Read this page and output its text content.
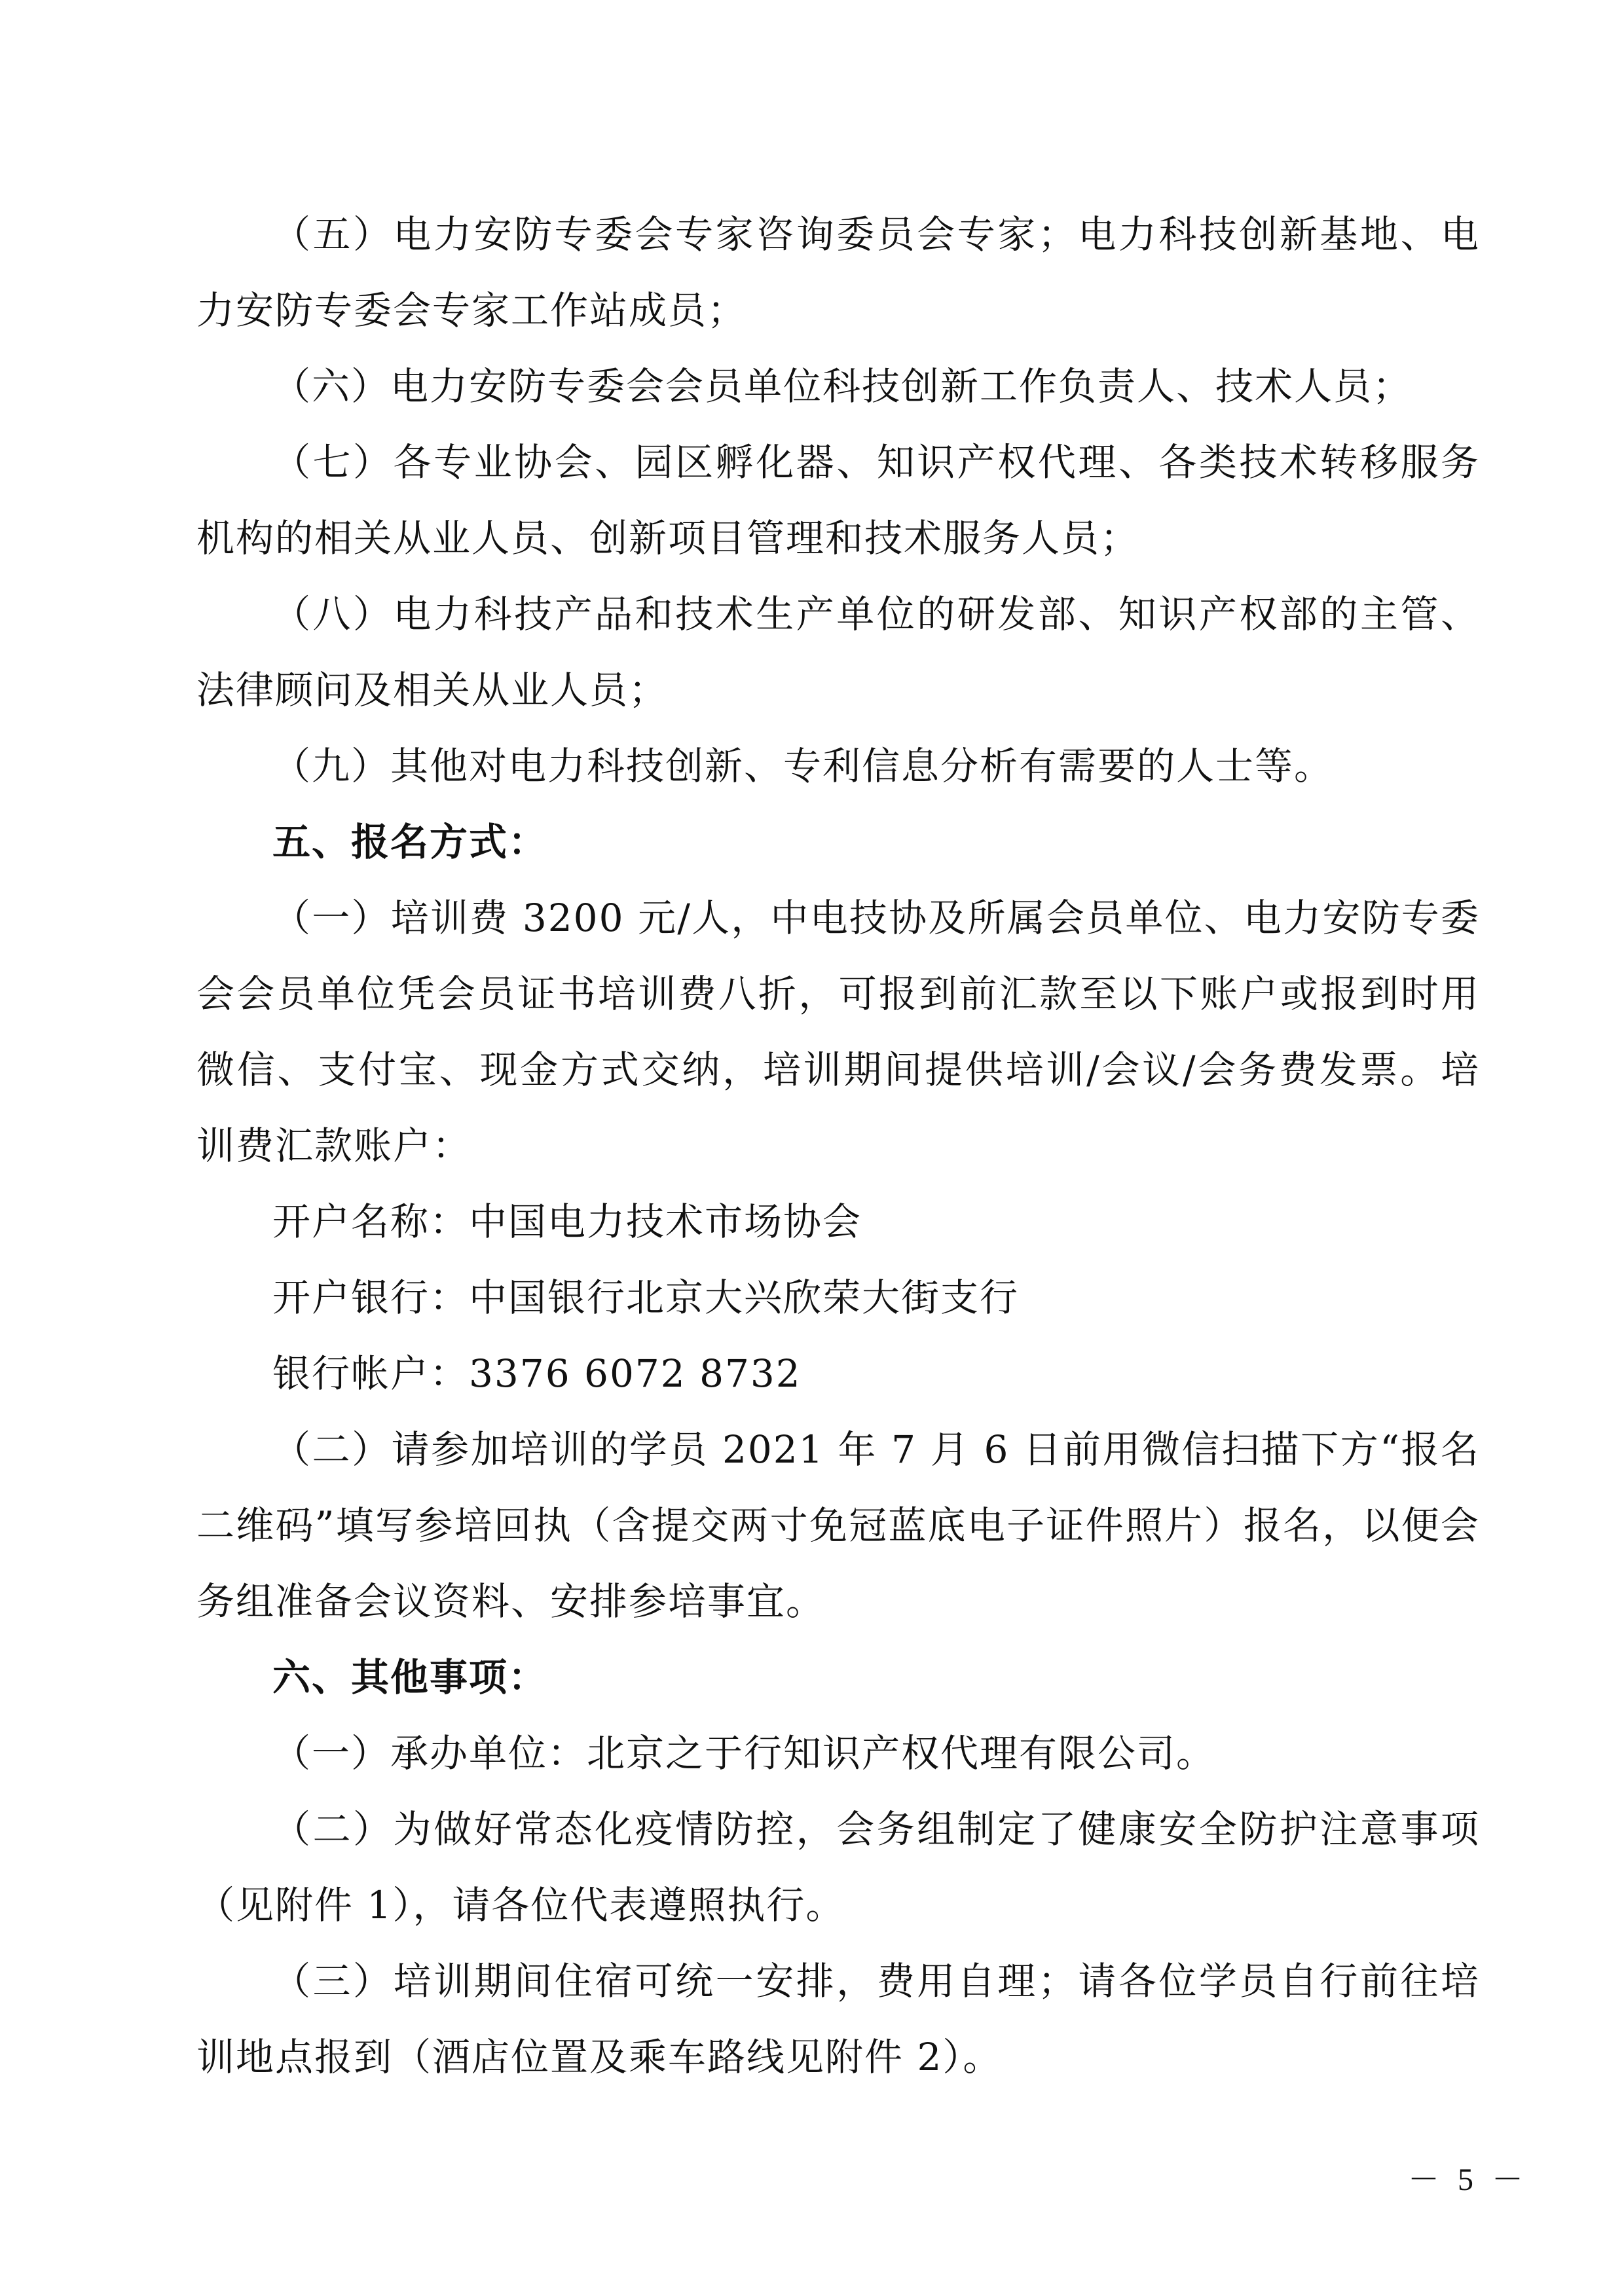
（五）电力安防专委会专家咨询委员会专家；电力科技创新基地、电力安防专委会专家工作站成员；

（六）电力安防专委会会员单位科技创新工作负责人、技术人员；

（七）各专业协会、园区孵化器、知识产权代理、各类技术转移服务机构的相关从业人员、创新项目管理和技术服务人员；

（八）电力科技产品和技术生产单位的研发部、知识产权部的主管、法律顾问及相关从业人员；

（九）其他对电力科技创新、专利信息分析有需要的人士等。

五、报名方式：

（一）培训费 3200 元/人，中电技协及所属会员单位、电力安防专委会会员单位凭会员证书培训费八折，可报到前汇款至以下账户或报到时用微信、支付宝、现金方式交纳，培训期间提供培训/会议/会务费发票。培训费汇款账户：

开户名称：中国电力技术市场协会

开户银行：中国银行北京大兴欣荣大街支行

银行帐户：3376 6072 8732

（二）请参加培训的学员 2021 年 7 月 6 日前用微信扫描下方“报名二维码”填写参培回执（含提交两寸免冠蓝底电子证件照片）报名，以便会务组准备会议资料、安排参培事宜。

六、其他事项：

（一）承办单位：北京之于行知识产权代理有限公司。

（二）为做好常态化疫情防控，会务组制定了健康安全防护注意事项（见附件 1），请各位代表遵照执行。

（三）培训期间住宿可统一安排，费用自理；请各位学员自行前往培训地点报到（酒店位置及乘车路线见附件 2）。

－ 5 －
